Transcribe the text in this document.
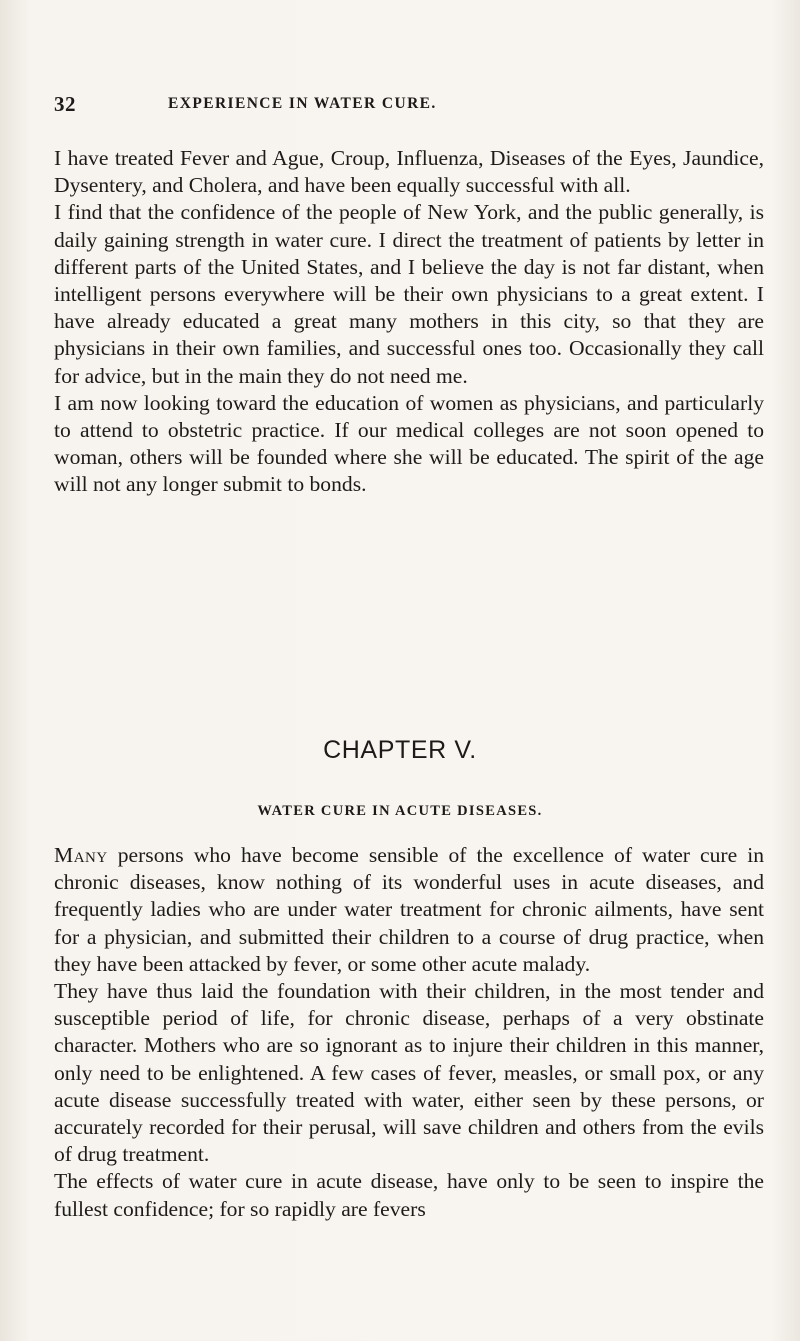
32	EXPERIENCE IN WATER CURE.

I have treated Fever and Ague, Croup, Influenza, Diseases of the Eyes, Jaundice, Dysentery, and Cholera, and have been equally successful with all.

I find that the confidence of the people of New York, and the public generally, is daily gaining strength in water cure. I direct the treatment of patients by letter in different parts of the United States, and I believe the day is not far distant, when intelligent persons everywhere will be their own physicians to a great extent. I have already educated a great many mothers in this city, so that they are physicians in their own families, and successful ones too. Occasionally they call for advice, but in the main they do not need me.

I am now looking toward the education of women as physicians, and particularly to attend to obstetric practice. If our medical colleges are not soon opened to woman, others will be founded where she will be educated. The spirit of the age will not any longer submit to bonds.

CHAPTER V.
WATER CURE IN ACUTE DISEASES.

Many persons who have become sensible of the excellence of water cure in chronic diseases, know nothing of its wonderful uses in acute diseases, and frequently ladies who are under water treatment for chronic ailments, have sent for a physician, and submitted their children to a course of drug practice, when they have been attacked by fever, or some other acute malady.

They have thus laid the foundation with their children, in the most tender and susceptible period of life, for chronic disease, perhaps of a very obstinate character. Mothers who are so ignorant as to injure their children in this manner, only need to be enlightened. A few cases of fever, measles, or small pox, or any acute disease successfully treated with water, either seen by these persons, or accurately recorded for their perusal, will save children and others from the evils of drug treatment.

The effects of water cure in acute disease, have only to be seen to inspire the fullest confidence; for so rapidly are fevers
